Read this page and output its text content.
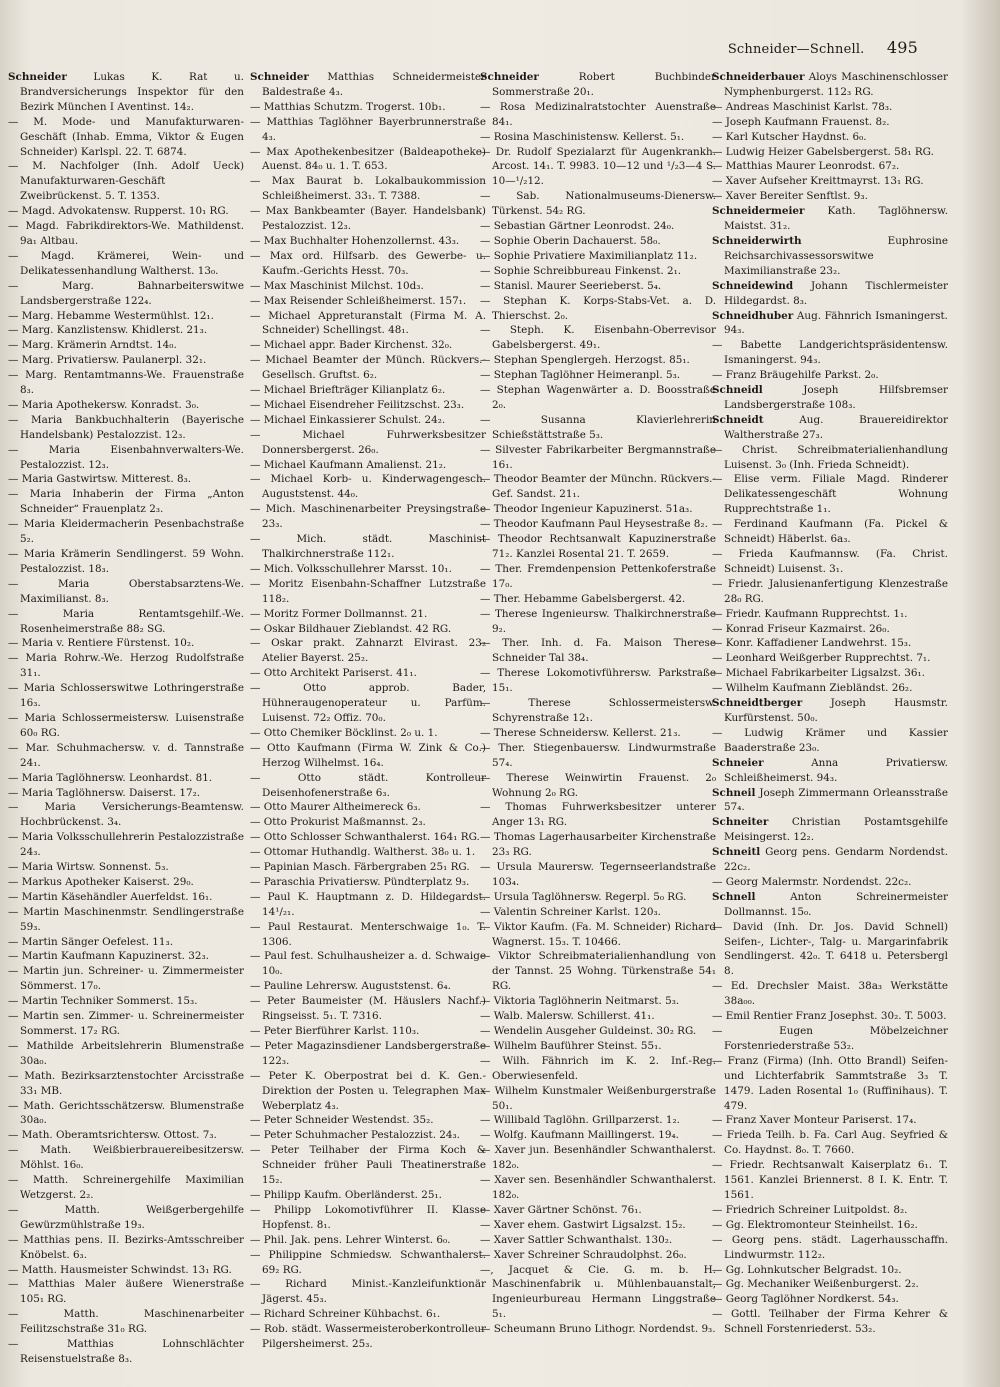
Schneider—Schnell. 495

Schneider	Lukas K. Rat u. Brandversicherungs Inspektor für den Bezirk München I Aventinst. 14₂.

— M. Mode- und Manufakturwaren-Geschäft (Inhab. Emma, Viktor & Eugen Schneider) Karlspl. 22. T. 6874.

— M. Nachfolger (Inh. Adolf Ueck) Manufakturwaren-Geschäft Zweibrückenst. 5. T. 1353.

— Magd. Advokatensw. Rupperst. 10₁ RG.

— Magd. Fabrikdirektors-We. Mathildenst. 9a₁ Altbau.

— Magd. Krämerei, Wein- und Delikatessenhandlung Waltherst. 13₀.

— Marg. Bahnarbeiterswitwe Landsbergerstraße 122₄.

— Marg. Hebamme Westermühlst. 12₁.

— Marg. Kanzlistensw. Khidlerst. 21₃.

— Marg. Krämerin Arndtst. 14₀.

— Marg. Privatiersw. Paulanerpl. 32₁.

— Marg. Rentamtmanns-We. Frauenstraße 8₃.

— Maria Apothekersw. Konradst. 3₀.

— Maria Bankbuchhalterin (Bayerische Handelsbank) Pestalozzist. 12₃.

— Maria Eisenbahnverwalters-We. Pestalozzist. 12₃.

— Maria Gastwirtsw. Mitterest. 8₃.

— Maria Inhaberin der Firma „Anton Schneider“ Frauenplatz 2₃.

— Maria Kleidermacherin Pesenbachstraße 5₂.

— Maria Krämerin Sendlingerst. 59 Wohn. Pestalozzist. 18₃.

— Maria Oberstabsarztens-We. Maximilianst. 8₃.

— Maria Rentamtsgehilf.-We. Rosenheimerstraße 88₂ SG.

— Maria v. Rentiere Fürstenst. 10₂.

— Maria Rohrw.-We. Herzog Rudolfstraße 31₁.

— Maria Schlosserswitwe Lothringerstraße 16₃.

— Maria Schlossermeistersw. Luisenstraße 60₀ RG.

— Mar. Schuhmachersw. v. d. Tannstraße 24₁.

— Maria Taglöhnersw. Leonhardst. 81.

— Maria Taglöhnersw. Daiserst. 17₂.

— Maria Versicherungs-Beamtensw. Hochbrückenst. 3₄.

— Maria Volksschullehrerin Pestalozzistraße 24₃.

— Maria Wirtsw. Sonnenst. 5₃.

— Markus Apotheker Kaiserst. 29₀.

— Martin Käsehändler Auerfeldst. 16₁.

— Martin Maschinenmstr. Sendlingerstraße 59₃.

— Martin Sänger Oefelest. 11₃.

— Martin Kaufmann Kapuzinerst. 32₃.

— Martin jun. Schreiner- u. Zimmermeister Sömmerst. 17₀.

— Martin Techniker Sommerst. 15₃.

— Martin sen. Zimmer- u. Schreinermeister Sommerst. 17₂ RG.

— Mathilde Arbeitslehrerin Blumenstraße 30a₀.

— Math. Bezirksarztenstochter Arcisstraße 33₁ MB.

— Math. Gerichtsschätzersw. Blumenstraße 30a₀.

— Math. Oberamtsrichtersw. Ottost. 7₃.

— Math. Weißbierbrauereibesitzersw. Möhlst. 16₀.

— Matth. Schreinergehilfe Maximilian Wetzgerst. 2₂.

— Matth. Weißgerbergehilfe Gewürzmühlstraße 19₃.

— Matthias pens. II. Bezirks-Amtsschreiber Knöbelst. 6₃.

— Matth. Hausmeister Schwindst. 13₁ RG.

— Matthias Maler äußere Wienerstraße 105₁ RG.

— Matth. Maschinenarbeiter Feilitzschstraße 31₀ RG.

— Matthias Lohnschlächter Reisenstuelstraße 8₃.

Schneider Matthias Schneidermeister Baldestraße 4₃.

— Matthias Schutzm. Trogerst. 10b₁.

— Matthias Taglöhner Bayerbrunnerstraße 4₃.

— Max Apothekenbesitzer (Baldeapotheke) Auenst. 84₀ u. 1. T. 653.

— Max Baurat b. Lokalbaukommission Schleißheimerst. 33₁. T. 7388.

— Max Bankbeamter (Bayer. Handelsbank) Pestalozzist. 12₃.

— Max Buchhalter Hohenzollernst. 43₃.

— Max ord. Hilfsarb. des Gewerbe- u. Kaufm.-Gerichts Hesst. 70₃.

— Max Maschinist Milchst. 10d₃.

— Max Reisender Schleißheimerst. 157₁.

— Michael Appreturanstalt (Firma M. A. Schneider) Schellingst. 48₁.

— Michael appr. Bader Kirchenst. 32₀.

— Michael Beamter der Münch. Rückvers.-Gesellsch. Gruftst. 6₂.

— Michael Briefträger Kilianplatz 6₂.

— Michael Eisendreher Feilitzschst. 23₃.

— Michael Einkassierer Schulst. 24₂.

— Michael Fuhrwerksbesitzer Donnersbergerst. 26₀.

— Michael Kaufmann Amalienst. 21₂.

— Michael Korb- u. Kinderwagengesch. Auguststenst. 44₀.

— Mich. Maschinenarbeiter Preysingstraße 23₃.

— Mich. städt. Maschinist Thalkirchnerstraße 112₁.

— Mich. Volksschullehrer Marsst. 10₁.

— Moritz Eisenbahn-Schaffner Lutzstraße 118₂.

— Moritz Former Dollmannst. 21.

— Oskar Bildhauer Zieblandst. 42 RG.

— Oskar prakt. Zahnarzt Elvirast. 23₂ Atelier Bayerst. 25₂.

— Otto Architekt Pariserst. 41₁.

— Otto approb. Bader, Hühneraugenoperateur u. Parfüm. Luisenst. 72₂ Offiz. 70₀.

— Otto Chemiker Böcklinst. 2₀ u. 1.

— Otto Kaufmann (Firma W. Zink & Co.) Herzog Wilhelmst. 16₄.

— Otto städt. Kontrolleur Deisenhofenerstraße 6₃.

— Otto Maurer Altheimereck 6₃.

— Otto Prokurist Maßmannst. 2₃.

— Otto Schlosser Schwanthalerst. 164₁ RG.

— Ottomar Huthandlg. Waltherst. 38₀ u. 1.

— Papinian Masch. Färbergraben 25₁ RG.

— Paraschia Privatiersw. Pündterplatz 9₃.

— Paul K. Hauptmann z. D. Hildegardst. 14¹/₂₁.

— Paul Restaurat. Menterschwaige 1₀. T. 1306.

— Paul fest. Schulhausheizer a. d. Schwaige 10₀.

— Pauline Lehrersw. Auguststenst. 6₄.

— Peter Baumeister (M. Häuslers Nachf.) Ringseisst. 5₁. T. 7316.

— Peter Bierführer Karlst. 110₃.

— Peter Magazinsdiener Landsbergerstraße 122₃.

— Peter K. Oberpostrat bei d. K. Gen.-Direktion der Posten u. Telegraphen Max Weberplatz 4₃.

— Peter Schneider Westendst. 35₂.

— Peter Schuhmacher Pestalozzist. 24₃.

— Peter Teilhaber der Firma Koch & Schneider früher Pauli Theatinerstraße 15₂.

— Philipp Kaufm. Oberländerst. 25₁.

— Philipp Lokomotivführer II. Klasse Hopfenst. 8₁.

— Phil. Jak. pens. Lehrer Winterst. 6₀.

— Philippine Schmiedsw. Schwanthalerst. 69₂ RG.

— Richard Minist.-Kanzleifunktionär Jägerst. 45₃.

— Richard Schreiner Kühbachst. 6₁.

— Rob. städt. Wassermeisteroberkontrolleur Pilgersheimerst. 25₃.

Schneider	Robert Buchbinder Sommerstraße 20₁.

— Rosa Medizinalratstochter Auenstraße 84₁.

— Rosina Maschinistensw. Kellerst. 5₁.

— Dr. Rudolf Spezialarzt für Augenkrankh. Arcost. 14₁. T. 9983. 10—12 und ¹/₂3—4 S. 10—¹/₂12.

— Sab. Nationalmuseums-Dienersw. Türkenst. 54₂ RG.

— Sebastian Gärtner Leonrodst. 24₀.

— Sophie Oberin Dachauerst. 58₀.

— Sophie Privatiere Maximilianplatz 11₂.

— Sophie Schreibbureau Finkenst. 2₁.

— Stanisl. Maurer Seerieberst. 5₄.

— Stephan K. Korps-Stabs-Vet. a. D. Thierschst. 2₀.

— Steph. K. Eisenbahn-Oberrevisor Gabelsbergerst. 49₁.

— Stephan Spenglergeh. Herzogst. 85₁.

— Stephan Taglöhner Heimeranpl. 5₃.

— Stephan Wagenwärter a. D. Boosstraße 2₀.

— Susanna Klavierlehrerin Schießstättstraße 5₃.

— Silvester Fabrikarbeiter Bergmannstraße 16₁.

— Theodor Beamter der Münchn. Rückvers.-Gef. Sandst. 21₁.

— Theodor Ingenieur Kapuzinerst. 51a₃.

— Theodor Kaufmann Paul Heysestraße 8₂.

— Theodor Rechtsanwalt Kapuzinerstraße 71₂. Kanzlei Rosental 21. T. 2659.

— Ther. Fremdenpension Pettenkoferstraße 17₀.

— Ther. Hebamme Gabelsbergerst. 42.

— Therese Ingenieursw. Thalkirchnerstraße 9₂.

— Ther. Inh. d. Fa. Maison Therese Schneider Tal 38₄.

— Therese Lokomotivführersw. Parkstraße 15₁.

— Therese Schlossermeistersw. Schyrenstraße 12₁.

— Therese Schneidersw. Kellerst. 21₃.

— Ther. Stiegenbauersw. Lindwurmstraße 57₄.

— Therese Weinwirtin Frauenst. 2₀ Wohnung 2₀ RG.

— Thomas Fuhrwerksbesitzer unterer Anger 13₁ RG.

— Thomas Lagerhausarbeiter Kirchenstraße 23₃ RG.

— Ursula Maurersw. Tegernseerlandstraße 103₄.

— Ursula Taglöhnersw. Regerpl. 5₀ RG.

— Valentin Schreiner Karlst. 120₃.

— Viktor Kaufm. (Fa. M. Schneider) Richard Wagnerst. 15₃. T. 10466.

— Viktor Schreibmaterialienhandlung von der Tannst. 25 Wohng. Türkenstraße 54₁ RG.

— Viktoria Taglöhnerin Neitmarst. 5₃.

— Walb. Malersw. Schillerst. 41₁.

— Wendelin Ausgeher Guldeinst. 30₂ RG.

— Wilhelm Bauführer Steinst. 55₁.

— Wilh. Fähnrich im K. 2. Inf.-Reg. Oberwiesenfeld.

— Wilhelm Kunstmaler Weißenburgerstraße 50₁.

— Willibald Taglöhn. Grillparzerst. 1₂.

— Wolfg. Kaufmann Maillingerst. 19₄.

— Xaver jun. Besenhändler Schwanthalerst. 182₀.

— Xaver sen. Besenhändler Schwanthalerst. 182₀.

— Xaver Gärtner Schönst. 76₁.

— Xaver ehem. Gastwirt Ligsalzst. 15₂.

— Xaver Sattler Schwanthalst. 130₂.

— Xaver Schreiner Schraudolphst. 26₀.

—, Jacquet & Cie. G. m. b. H. Maschinenfabrik u. Mühlenbauanstalt, Ingenieurbureau Hermann Linggstraße 5₁.

— Scheumann Bruno Lithogr. Nordendst. 9₃.

Schneiderbauer Aloys Maschinenschlosser Nymphenburgerst. 112₃ RG.

— Andreas Maschinist Karlst. 78₃.

— Joseph Kaufmann Frauenst. 8₂.

— Karl Kutscher Haydnst. 6₀.

— Ludwig Heizer Gabelsbergerst. 58₁ RG.

— Matthias Maurer Leonrodst. 67₂.

— Xaver Aufseher Kreittmayrst. 13₁ RG.

— Xaver Bereiter Senftlst. 9₃.

Schneidermeier Kath. Taglöhnersw. Maistst. 31₂.

Schneiderwirth	Euphrosine Reichsarchivassessorswitwe Maximilianstraße 23₂.

Schneidewind Johann Tischlermeister Hildegardst. 8₃.

Schneidhuber Aug. Fähnrich Ismaningerst. 94₃.

— Babette Landgerichtspräsidentensw. Ismaningerst. 94₃.

— Franz Bräugehilfe Parkst. 2₀.

Schneidl	Joseph Hilfsbremser Landsbergerstraße 108₃.

Schneidt	Aug. Brauereidirektor Waltherstraße 27₃.

— Christ. Schreibmaterialienhandlung Luisenst. 3₀ (Inh. Frieda Schneidt).

— Elise verm. Filiale Magd. Rinderer Delikatessengeschäft Wohnung Rupprechtstraße 1₁.

— Ferdinand Kaufmann (Fa. Pickel & Schneidt) Häberlst. 6a₃.

— Frieda Kaufmannsw. (Fa. Christ. Schneidt) Luisenst. 3₁.

— Friedr. Jalusienanfertigung Klenzestraße 28₀ RG.

— Friedr. Kaufmann Rupprechtst. 1₁.

— Konrad Friseur Kazmairst. 26₀.

— Konr. Kaffadiener Landwehrst. 15₃.

— Leonhard Weißgerber Rupprechtst. 7₁.

— Michael Fabrikarbeiter Ligsalzst. 36₁.

— Wilhelm Kaufmann Ziebländst. 26₂.

Schneidtberger	Joseph Hausmstr. Kurfürstenst. 50₀.

— Ludwig Krämer und Kassier Baaderstraße 23₀.

Schneier	Anna Privatiersw. Schleißheimerst. 94₃.

Schneil Joseph Zimmermann Orleansstraße 57₄.

Schneiter Christian Postamtsgehilfe Meisingerst. 12₂.

Schneitl Georg pens. Gendarm Nordendst. 22c₂.

— Georg Malermstr. Nordendst. 22c₂.

Schnell	Anton Schreinermeister Dollmannst. 15₀.

— David (Inh. Dr. Jos. David Schnell) Seifen-, Lichter-, Talg- u. Margarinfabrik Sendlingerst. 42₀. T. 6418 u. Petersbergl 8.

— Ed. Drechsler Maist. 38a₃ Werkstätte 38a₀₀.

— Emil Rentier Franz Josephst. 30₂. T. 5003.

— Eugen Möbelzeichner Forstenriederstraße 53₂.

— Franz (Firma) (Inh. Otto Brandl) Seifen- und Lichterfabrik Sammtstraße 3₃ T. 1479. Laden Rosental 1₀ (Ruffinihaus). T. 479.

— Franz Xaver Monteur Pariserst. 17₄.

— Frieda Teilh. b. Fa. Carl Aug. Seyfried & Co. Haydnst. 8₀. T. 7660.

— Friedr. Rechtsanwalt Kaiserplatz 6₁. T. 1561. Kanzlei Briennerst. 8 I. K. Entr. T. 1561.

— Friedrich Schreiner Luitpoldst. 8₂.

— Gg. Elektromonteur Steinheilst. 16₂.

— Georg pens. städt. Lagerhausschaffn. Lindwurmstr. 112₂.

— Gg. Lohnkutscher Belgradst. 10₂.

— Gg. Mechaniker Weißenburgerst. 2₂.

— Georg Taglöhner Nordkerst. 54₃.

— Gottl. Teilhaber der Firma Kehrer & Schnell Forstenriederst. 53₂.
